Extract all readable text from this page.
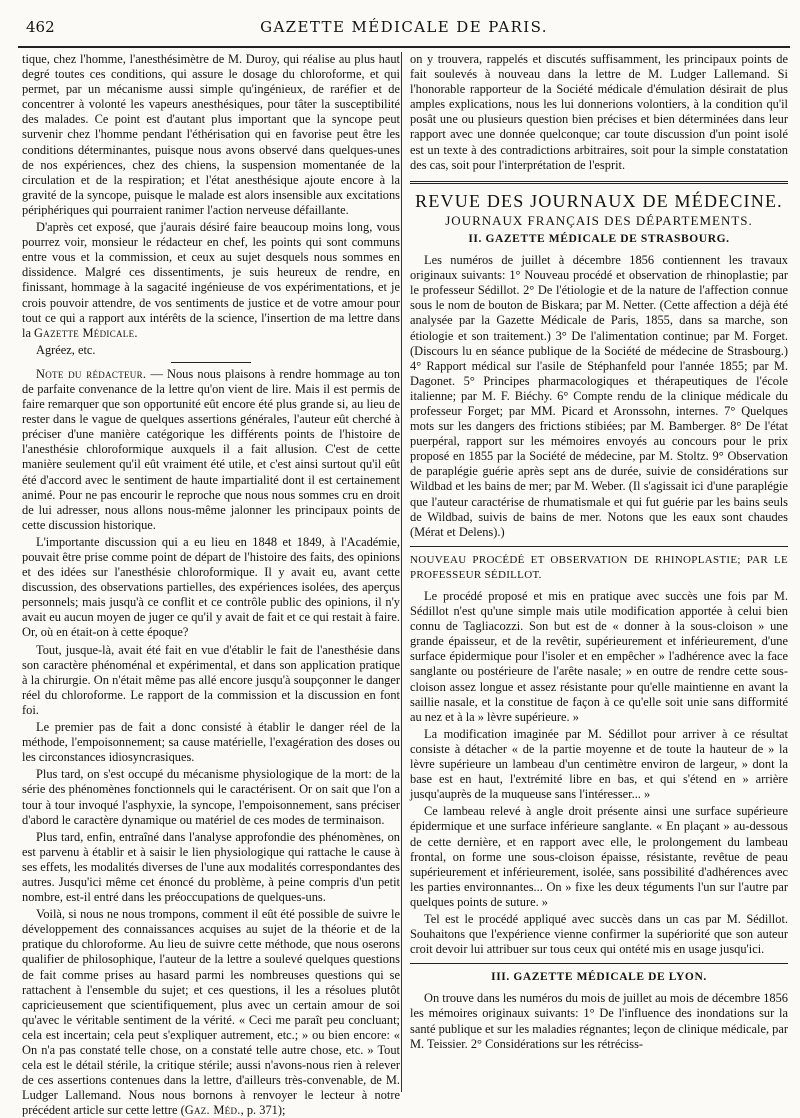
462	GAZETTE MÉDICALE DE PARIS.

tique, chez l'homme, l'anesthésimètre de M. Duroy, qui réalise au plus haut degré toutes ces conditions, qui assure le dosage du chloroforme, et qui permet, par un mécanisme aussi simple qu'ingénieux, de raréfier et de concentrer à volonté les vapeurs anesthésiques, pour tâter la susceptibilité des malades. Ce point est d'autant plus important que la syncope peut survenir chez l'homme pendant l'éthérisation qui en favorise peut être les conditions déterminantes, puisque nous avons observé dans quelques-unes de nos expériences, chez des chiens, la suspension momentanée de la circulation et de la respiration; et l'état anesthésique ajoute encore à la gravité de la syncope, puisque le malade est alors insensible aux excitations périphériques qui pourraient ranimer l'action nerveuse défaillante.

D'après cet exposé, que j'aurais désiré faire beaucoup moins long, vous pourrez voir, monsieur le rédacteur en chef, les points qui sont communs entre vous et la commission, et ceux au sujet desquels nous sommes en dissidence. Malgré ces dissentiments, je suis heureux de rendre, en finissant, hommage à la sagacité ingénieuse de vos expérimentations, et je crois pouvoir attendre, de vos sentiments de justice et de votre amour pour tout ce qui a rapport aux intérêts de la science, l'insertion de ma lettre dans la Gazette Médicale.

Agréez, etc.

Note du rédacteur. — Nous nous plaisons à rendre hommage au ton de parfaite convenance de la lettre qu'on vient de lire. Mais il est permis de faire remarquer que son opportunité eût encore été plus grande si, au lieu de rester dans le vague de quelques assertions générales, l'auteur eût cherché à préciser d'une manière catégorique les différents points de l'histoire de l'anesthésie chloroformique auxquels il a fait allusion. C'est de cette manière seulement qu'il eût vraiment été utile, et c'est ainsi surtout qu'il eût été d'accord avec le sentiment de haute impartialité dont il est certainement animé. Pour ne pas encourir le reproche que nous nous sommes cru en droit de lui adresser, nous allons nous-même jalonner les principaux points de cette discussion historique.

L'importante discussion qui a eu lieu en 1848 et 1849, à l'Académie, pouvait être prise comme point de départ de l'histoire des faits, des opinions et des idées sur l'anesthésie chloroformique. Il y avait eu, avant cette discussion, des observations partielles, des expériences isolées, des aperçus personnels; mais jusqu'à ce conflit et ce contrôle public des opinions, il n'y avait eu aucun moyen de juger ce qu'il y avait de fait et ce qui restait à faire. Or, où en était-on à cette époque?

Tout, jusque-là, avait été fait en vue d'établir le fait de l'anesthésie dans son caractère phénoménal et expérimental, et dans son application pratique à la chirurgie. On n'était même pas allé encore jusqu'à soupçonner le danger réel du chloroforme. Le rapport de la commission et la discussion en font foi.

Le premier pas de fait a donc consisté à établir le danger réel de la méthode, l'empoisonnement; sa cause matérielle, l'exagération des doses ou les circonstances idiosyncrasiques.

Plus tard, on s'est occupé du mécanisme physiologique de la mort: de la série des phénomènes fonctionnels qui le caractérisent. Or on sait que l'on a tour à tour invoqué l'asphyxie, la syncope, l'empoisonnement, sans préciser d'abord le caractère dynamique ou matériel de ces modes de terminaison.

Plus tard, enfin, entraîné dans l'analyse approfondie des phénomènes, on est parvenu à établir et à saisir le lien physiologique qui rattache le cause à ses effets, les modalités diverses de l'une aux modalités correspondantes des autres. Jusqu'ici même cet énoncé du problème, à peine compris d'un petit nombre, est-il entré dans les préoccupations de quelques-uns.

Voilà, si nous ne nous trompons, comment il eût été possible de suivre le développement des connaissances acquises au sujet de la théorie et de la pratique du chloroforme. Au lieu de suivre cette méthode, que nous oserons qualifier de philosophique, l'auteur de la lettre a soulevé quelques questions de fait comme prises au hasard parmi les nombreuses questions qui se rattachent à l'ensemble du sujet; et ces questions, il les a résolues plutôt capricieusement que scientifiquement, plus avec un certain amour de soi qu'avec le véritable sentiment de la vérité. « Ceci me paraît peu concluant; cela est incertain; cela peut s'expliquer autrement, etc.; » ou bien encore: « On n'a pas constaté telle chose, on a constaté telle autre chose, etc. » Tout cela est le détail stérile, la critique stérile; aussi n'avons-nous rien à relever de ces assertions contenues dans la lettre, d'ailleurs très-convenable, de M. Ludger Lallemand. Nous nous bornons à renvoyer le lecteur à notre précédent article sur cette lettre (Gaz. Méd., p. 371);

on y trouvera, rappelés et discutés suffisamment, les principaux points de fait soulevés à nouveau dans la lettre de M. Ludger Lallemand. Si l'honorable rapporteur de la Société médicale d'émulation désirait de plus amples explications, nous les lui donnerions volontiers, à la condition qu'il posât une ou plusieurs question bien précises et bien déterminées dans leur rapport avec une donnée quelconque; car toute discussion d'un point isolé est un texte à des contradictions arbitraires, soit pour la simple constatation des cas, soit pour l'interprétation de l'esprit.

REVUE DES JOURNAUX DE MÉDECINE.
JOURNAUX FRANÇAIS DES DÉPARTEMENTS.
II. GAZETTE MÉDICALE DE STRASBOURG.

Les numéros de juillet à décembre 1856 contiennent les travaux originaux suivants: 1° Nouveau procédé et observation de rhinoplastie; par le professeur Sédillot. 2° De l'étiologie et de la nature de l'affection connue sous le nom de bouton de Biskara; par M. Netter. (Cette affection a déjà été analysée par la Gazette Médicale de Paris, 1855, dans sa marche, son étiologie et son traitement.) 3° De l'alimentation continue; par M. Forget. (Discours lu en séance publique de la Société de médecine de Strasbourg.) 4° Rapport médical sur l'asile de Stéphanfeld pour l'année 1855; par M. Dagonet. 5° Principes pharmacologiques et thérapeutiques de l'école italienne; par M. F. Biéchy. 6° Compte rendu de la clinique médicale du professeur Forget; par MM. Picard et Aronssohn, internes. 7° Quelques mots sur les dangers des frictions stibiées; par M. Bamberger. 8° De l'état puerpéral, rapport sur les mémoires envoyés au concours pour le prix proposé en 1855 par la Société de médecine, par M. Stoltz. 9° Observation de paraplégie guérie après sept ans de durée, suivie de considérations sur Wildbad et les bains de mer; par M. Weber. (Il s'agissait ici d'une paraplégie que l'auteur caractérise de rhumatismale et qui fut guérie par les bains seuls de Wildbad, suivis de bains de mer. Notons que les eaux sont chaudes (Mérat et Delens).)

NOUVEAU PROCÉDÉ ET OBSERVATION DE RHINOPLASTIE; PAR LE PROFESSEUR SÉDILLOT.

Le procédé proposé et mis en pratique avec succès une fois par M. Sédillot n'est qu'une simple mais utile modification apportée à celui bien connu de Tagliacozzi. Son but est de « donner à la sous-cloison » une grande épaisseur, et de la revêtir, supérieurement et inférieurement, d'une surface épidermique pour l'isoler et en empêcher » l'adhérence avec la face sanglante ou postérieure de l'arête nasale; » en outre de rendre cette sous-cloison assez longue et assez résistante pour qu'elle maintienne en avant la saillie nasale, et la constitue de façon à ce qu'elle soit unie sans difformité au nez et à la » lèvre supérieure. »

La modification imaginée par M. Sédillot pour arriver à ce résultat consiste à détacher « de la partie moyenne et de toute la hauteur de » la lèvre supérieure un lambeau d'un centimètre environ de largeur, » dont la base est en haut, l'extrémité libre en bas, et qui s'étend en » arrière jusqu'auprès de la muqueuse sans l'intéresser... »

Ce lambeau relevé à angle droit présente ainsi une surface supérieure épidermique et une surface inférieure sanglante. « En plaçant » au-dessous de cette dernière, et en rapport avec elle, le prolongement du lambeau frontal, on forme une sous-cloison épaisse, résistante, revêtue de peau supérieurement et inférieurement, isolée, sans possibilité d'adhérences avec les parties environnantes... On » fixe les deux téguments l'un sur l'autre par quelques points de suture. »

Tel est le procédé appliqué avec succès dans un cas par M. Sédillot. Souhaitons que l'expérience vienne confirmer la supériorité que son auteur croit devoir lui attribuer sur tous ceux qui ontété mis en usage jusqu'ici.

III. GAZETTE MÉDICALE DE LYON.

On trouve dans les numéros du mois de juillet au mois de décembre 1856 les mémoires originaux suivants: 1° De l'influence des inondations sur la santé publique et sur les maladies régnantes; leçon de clinique médicale, par M. Teissier. 2° Considérations sur les rétréciss-
